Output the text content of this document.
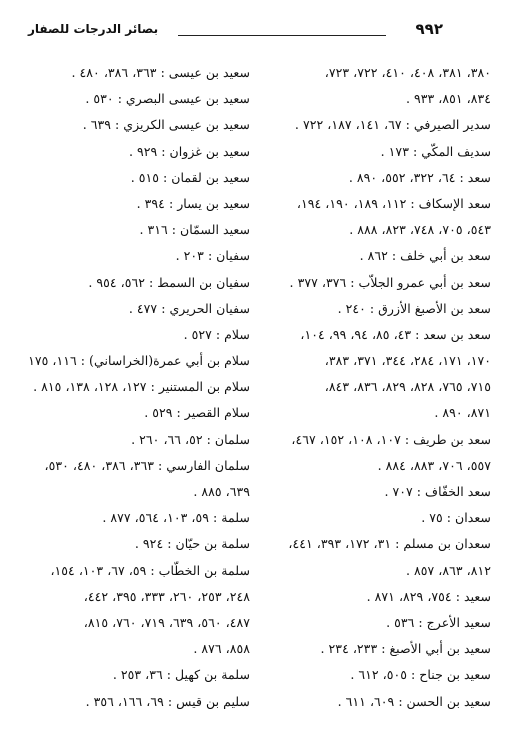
٩٩٢
بصائر الدرجات للصفار
٣٨٠، ٣٨١، ٤٠٨، ٤١٠، ٧٢٢، ٧٢٣،
٨٣٤، ٨٥١، ٩٣٣ .
سدير الصيرفي : ٦٧، ١٤١، ١٨٧، ٧٢٢ .
سديف المكّي : ١٧٣ .
سعد : ٦٤، ٣٢٢، ٥٥٢، ٨٩٠ .
سعد الإسكاف : ١١٢، ١٨٩، ١٩٠، ١٩٤،
٥٤٣، ٧٠٥، ٧٤٨، ٨٢٣، ٨٨٨ .
سعد بن أبي خلف : ٨٦٢ .
سعد بن أبي عمرو الجلاّب : ٣٧٦، ٣٧٧ .
سعد بن الأصبغ الأزرق : ٢٤٠ .
سعد بن سعد : ٤٣، ٨٥، ٩٤، ٩٩، ١٠٤،
١٧٠، ١٧١، ٢٨٤، ٣٤٤، ٣٧١، ٣٨٣،
٧١٥، ٧٦٥، ٨٢٨، ٨٢٩، ٨٣٦، ٨٤٣،
٨٧١، ٨٩٠ .
سعد بن طريف : ١٠٧، ١٠٨، ١٥٢، ٤٦٧،
٥٥٧، ٧٠٦، ٨٨٣، ٨٨٤ .
سعد الخفّاف : ٧٠٧ .
سعدان : ٧٥ .
سعدان بن مسلم : ٣١، ١٧٢، ٣٩٣، ٤٤١،
٨١٢، ٨٦٣، ٨٥٧ .
سعيد : ٧٥٤، ٨٢٩، ٨٧١ .
سعيد الأعرج : ٥٣٦ .
سعيد بن أبي الأصبغ : ٢٣٣، ٢٣٤ .
سعيد بن جناح : ٥٠٥، ٦١٢ .
سعيد بن الحسن : ٦٠٩، ٦١١ .
سعيد بن عيسى : ٣٦٣، ٣٨٦، ٤٨٠ .
سعيد بن عيسى البصري : ٥٣٠ .
سعيد بن عيسى الكريزي : ٦٣٩ .
سعيد بن غزوان : ٩٢٩ .
سعيد بن لقمان : ٥١٥ .
سعيد بن يسار : ٣٩٤ .
سعيد السمّان : ٣١٦ .
سفيان : ٢٠٣ .
سفيان بن السمط : ٥٦٢، ٩٥٤ .
سفيان الحريري : ٤٧٧ .
سلام : ٥٢٧ .
سلام بن أبي عمرة(الخراساني) : ١١٦، ١٧٥
سلام بن المستنير : ١٢٧، ١٢٨، ١٣٨، ٨١٥ .
سلام القصير : ٥٢٩ .
سلمان : ٥٢، ٦٦، ٢٦٠ .
سلمان الفارسي : ٣٦٣، ٣٨٦، ٤٨٠، ٥٣٠،
٦٣٩، ٨٨٥ .
سلمة : ٥٩، ١٠٣، ٥٦٤، ٨٧٧ .
سلمة بن حيّان : ٩٢٤ .
سلمة بن الخطّاب : ٥٩، ٦٧، ١٠٣، ١٥٤،
٢٤٨، ٢٥٣، ٢٦٠، ٣٣٣، ٣٩٥، ٤٤٢،
٤٨٧، ٥٦٠، ٦٣٩، ٧١٩، ٧٦٠، ٨١٥،
٨٥٨، ٨٧٦ .
سلمة بن كهيل : ٣٦، ٢٥٣ .
سليم بن قيس : ٦٩، ١٦٦، ٣٥٦ .
